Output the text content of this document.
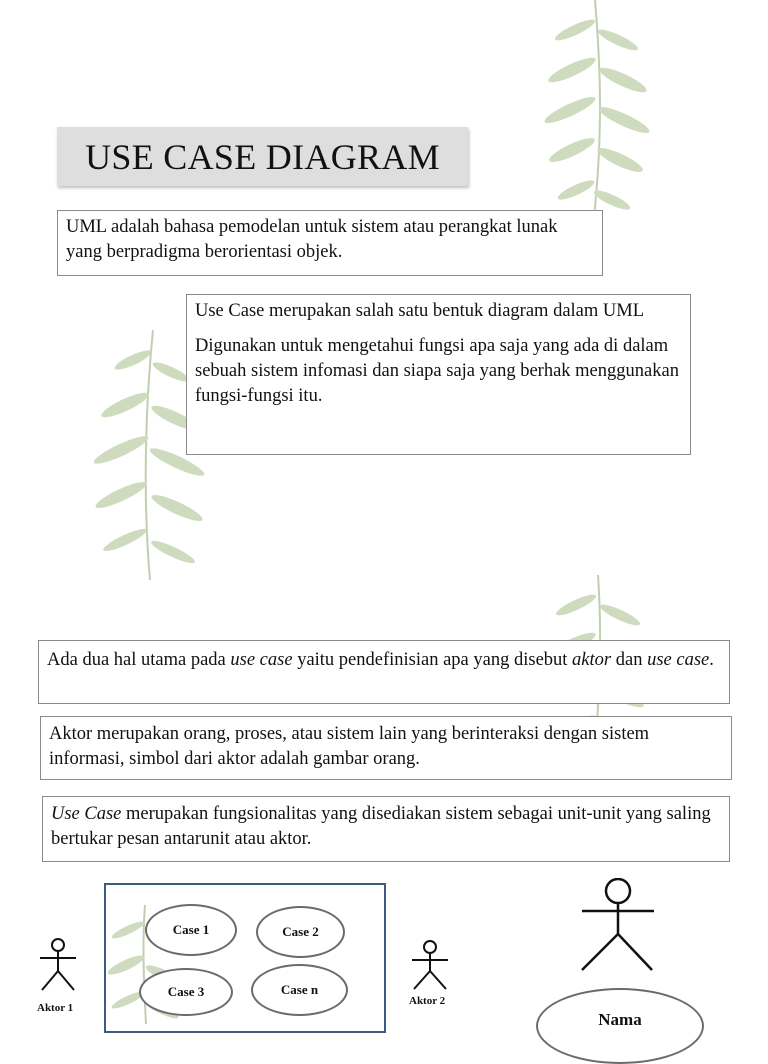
USE CASE DIAGRAM

UML adalah bahasa pemodelan untuk sistem atau perangkat lunak yang berpradigma berorientasi objek.

Use Case merupakan salah satu bentuk diagram dalam UML

Digunakan untuk mengetahui fungsi apa saja yang ada di dalam sebuah sistem infomasi dan siapa saja yang berhak menggunakan fungsi-fungsi itu.

Ada dua hal utama pada use case yaitu pendefinisian apa yang disebut aktor dan use case.

Aktor merupakan orang, proses, atau sistem lain yang berinteraksi dengan sistem informasi, simbol dari aktor adalah gambar orang.

Use Case merupakan fungsionalitas yang disediakan sistem sebagai unit-unit yang saling bertukar pesan antarunit atau aktor.

Case 1	Case 2
Case 3	Case n
Aktor 1
Aktor 2
Nama
